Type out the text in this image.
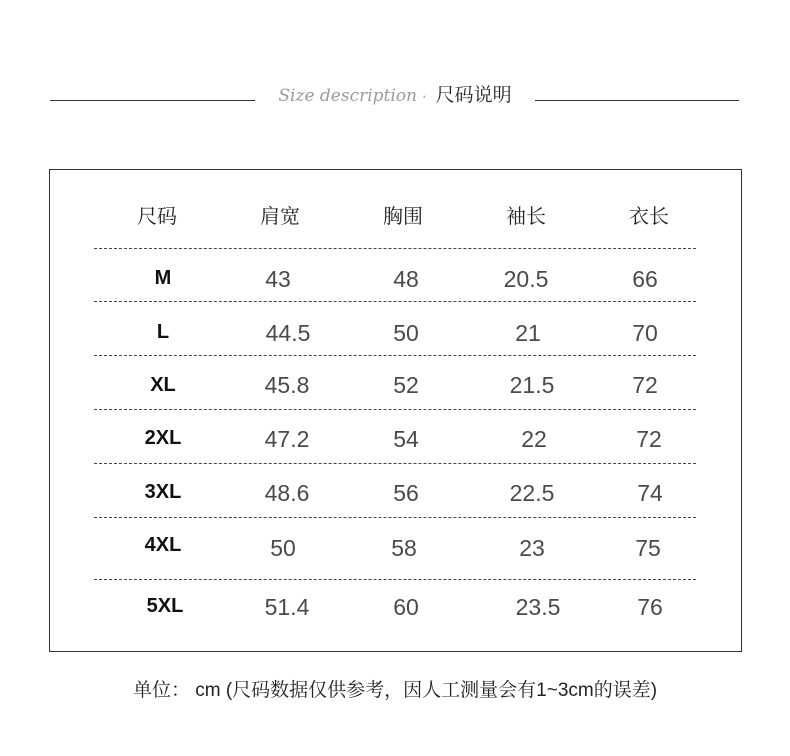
Size description · 尺码说明
尺码	肩宽	胸围	袖长	衣长
M	43	48	20.5	66
L	44.5	50	21	70
XL	45.8	52	21.5	72
2XL	47.2	54	22	72
3XL	48.6	56	22.5	74
4XL	50	58	23	75
5XL	51.4	60	23.5	76
单位： cm (尺码数据仅供参考，因人工测量会有1~3cm的误差)
